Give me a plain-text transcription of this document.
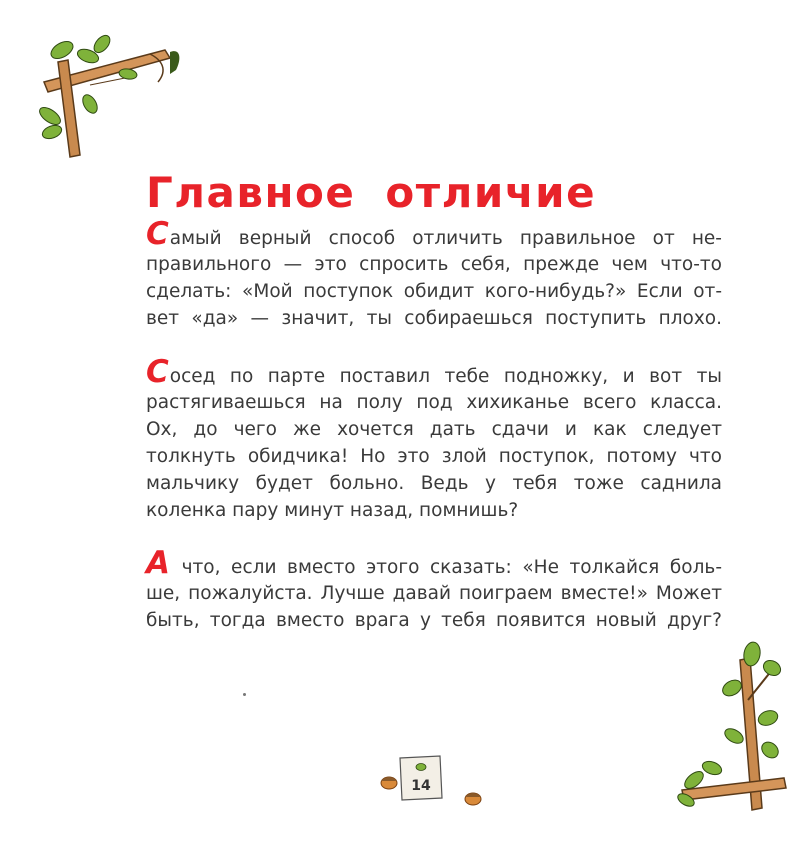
Главное отличие
Самый верный способ отличить правильное от не-
правильного — это спросить себя, прежде чем что-то
сделать: «Мой поступок обидит кого-нибудь?» Если от-
вет «да» — значит, ты собираешься поступить плохо.
Сосед по парте поставил тебе подножку, и вот ты
растягиваешься на полу под хихиканье всего класса.
Ох, до чего же хочется дать сдачи и как следует
толкнуть обидчика! Но это злой поступок, потому что
мальчику будет больно. Ведь у тебя тоже саднила
коленка пару минут назад, помнишь?
А что, если вместо этого сказать: «Не толкайся боль-
ше, пожалуйста. Лучше давай поиграем вместе!» Может
быть, тогда вместо врага у тебя появится новый друг?
14
